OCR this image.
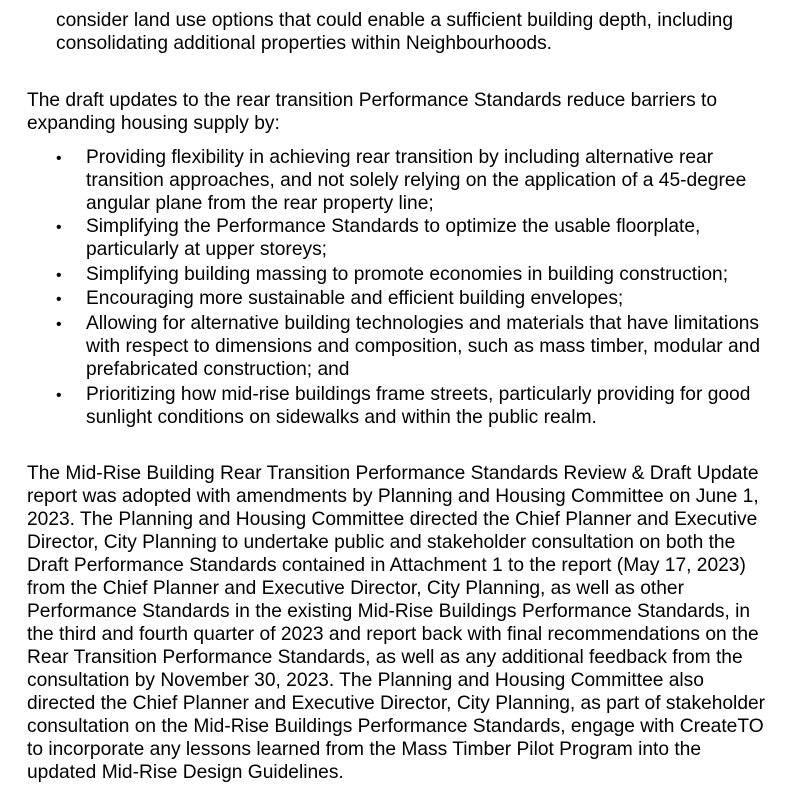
consider land use options that could enable a sufficient building depth, including
consolidating additional properties within Neighbourhoods.
The draft updates to the rear transition Performance Standards reduce barriers to
expanding housing supply by:
• Providing flexibility in achieving rear transition by including alternative rear
transition approaches, and not solely relying on the application of a 45-degree
angular plane from the rear property line;
• Simplifying the Performance Standards to optimize the usable floorplate,
particularly at upper storeys;
• Simplifying building massing to promote economies in building construction;
• Encouraging more sustainable and efficient building envelopes;
• Allowing for alternative building technologies and materials that have limitations
with respect to dimensions and composition, such as mass timber, modular and
prefabricated construction; and
• Prioritizing how mid-rise buildings frame streets, particularly providing for good
sunlight conditions on sidewalks and within the public realm.
The Mid-Rise Building Rear Transition Performance Standards Review & Draft Update
report was adopted with amendments by Planning and Housing Committee on June 1,
2023. The Planning and Housing Committee directed the Chief Planner and Executive
Director, City Planning to undertake public and stakeholder consultation on both the
Draft Performance Standards contained in Attachment 1 to the report (May 17, 2023)
from the Chief Planner and Executive Director, City Planning, as well as other
Performance Standards in the existing Mid-Rise Buildings Performance Standards, in
the third and fourth quarter of 2023 and report back with final recommendations on the
Rear Transition Performance Standards, as well as any additional feedback from the
consultation by November 30, 2023. The Planning and Housing Committee also
directed the Chief Planner and Executive Director, City Planning, as part of stakeholder
consultation on the Mid-Rise Buildings Performance Standards, engage with CreateTO
to incorporate any lessons learned from the Mass Timber Pilot Program into the
updated Mid-Rise Design Guidelines.
